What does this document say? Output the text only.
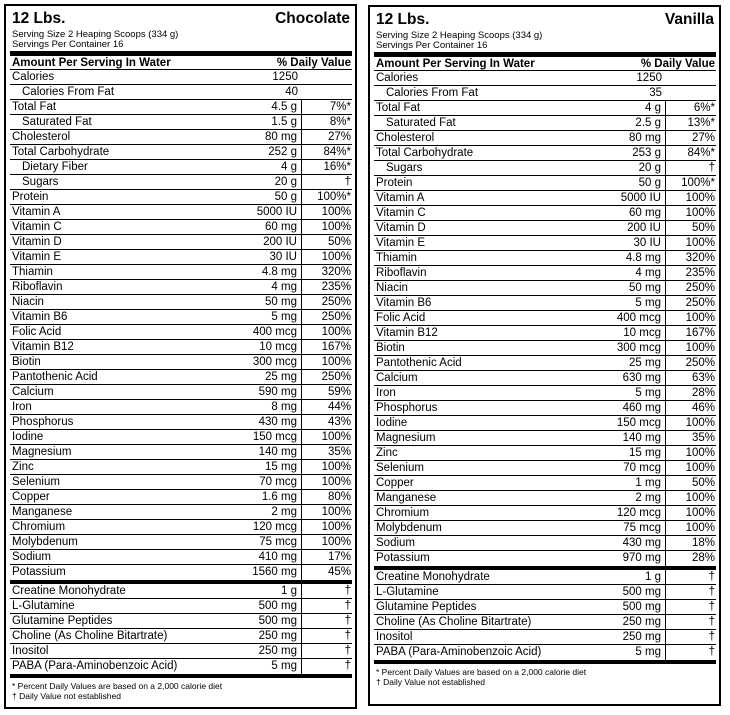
12 Lbs.	Chocolate
Serving Size 2 Heaping Scoops (334 g)
Servings Per Container 16
Amount Per Serving In Water	% Daily Value
Calories	1250
Calories From Fat	40
Total Fat	4.5 g	7%*
Saturated Fat	1.5 g	8%*
Cholesterol	80 mg	27%
Total Carbohydrate	252 g	84%*
Dietary Fiber	4 g	16%*
Sugars	20 g	†
Protein	50 g	100%*
Vitamin A	5000 IU	100%
Vitamin C	60 mg	100%
Vitamin D	200 IU	50%
Vitamin E	30 IU	100%
Thiamin	4.8 mg	320%
Riboflavin	4 mg	235%
Niacin	50 mg	250%
Vitamin B6	5 mg	250%
Folic Acid	400 mcg	100%
Vitamin B12	10 mcg	167%
Biotin	300 mcg	100%
Pantothenic Acid	25 mg	250%
Calcium	590 mg	59%
Iron	8 mg	44%
Phosphorus	430 mg	43%
Iodine	150 mcg	100%
Magnesium	140 mg	35%
Zinc	15 mg	100%
Selenium	70 mcg	100%
Copper	1.6 mg	80%
Manganese	2 mg	100%
Chromium	120 mcg	100%
Molybdenum	75 mcg	100%
Sodium	410 mg	17%
Potassium	1560 mg	45%
Creatine Monohydrate	1 g	†
L-Glutamine	500 mg	†
Glutamine Peptides	500 mg	†
Choline (As Choline Bitartrate)	250 mg	†
Inositol	250 mg	†
PABA (Para-Aminobenzoic Acid)	5 mg	†
* Percent Daily Values are based on a 2,000 calorie diet
† Daily Value not established
12 Lbs.	Vanilla
Serving Size 2 Heaping Scoops (334 g)
Servings Per Container 16
Amount Per Serving In Water	% Daily Value
Calories	1250
Calories From Fat	35
Total Fat	4 g	6%*
Saturated Fat	2.5 g	13%*
Cholesterol	80 mg	27%
Total Carbohydrate	253 g	84%*
Sugars	20 g	†
Protein	50 g	100%*
Vitamin A	5000 IU	100%
Vitamin C	60 mg	100%
Vitamin D	200 IU	50%
Vitamin E	30 IU	100%
Thiamin	4.8 mg	320%
Riboflavin	4 mg	235%
Niacin	50 mg	250%
Vitamin B6	5 mg	250%
Folic Acid	400 mcg	100%
Vitamin B12	10 mcg	167%
Biotin	300 mcg	100%
Pantothenic Acid	25 mg	250%
Calcium	630 mg	63%
Iron	5 mg	28%
Phosphorus	460 mg	46%
Iodine	150 mcg	100%
Magnesium	140 mg	35%
Zinc	15 mg	100%
Selenium	70 mcg	100%
Copper	1 mg	50%
Manganese	2 mg	100%
Chromium	120 mcg	100%
Molybdenum	75 mcg	100%
Sodium	430 mg	18%
Potassium	970 mg	28%
Creatine Monohydrate	1 g	†
L-Glutamine	500 mg	†
Glutamine Peptides	500 mg	†
Choline (As Choline Bitartrate)	250 mg	†
Inositol	250 mg	†
PABA (Para-Aminobenzoic Acid)	5 mg	†
* Percent Daily Values are based on a 2,000 calorie diet
† Daily Value not established
